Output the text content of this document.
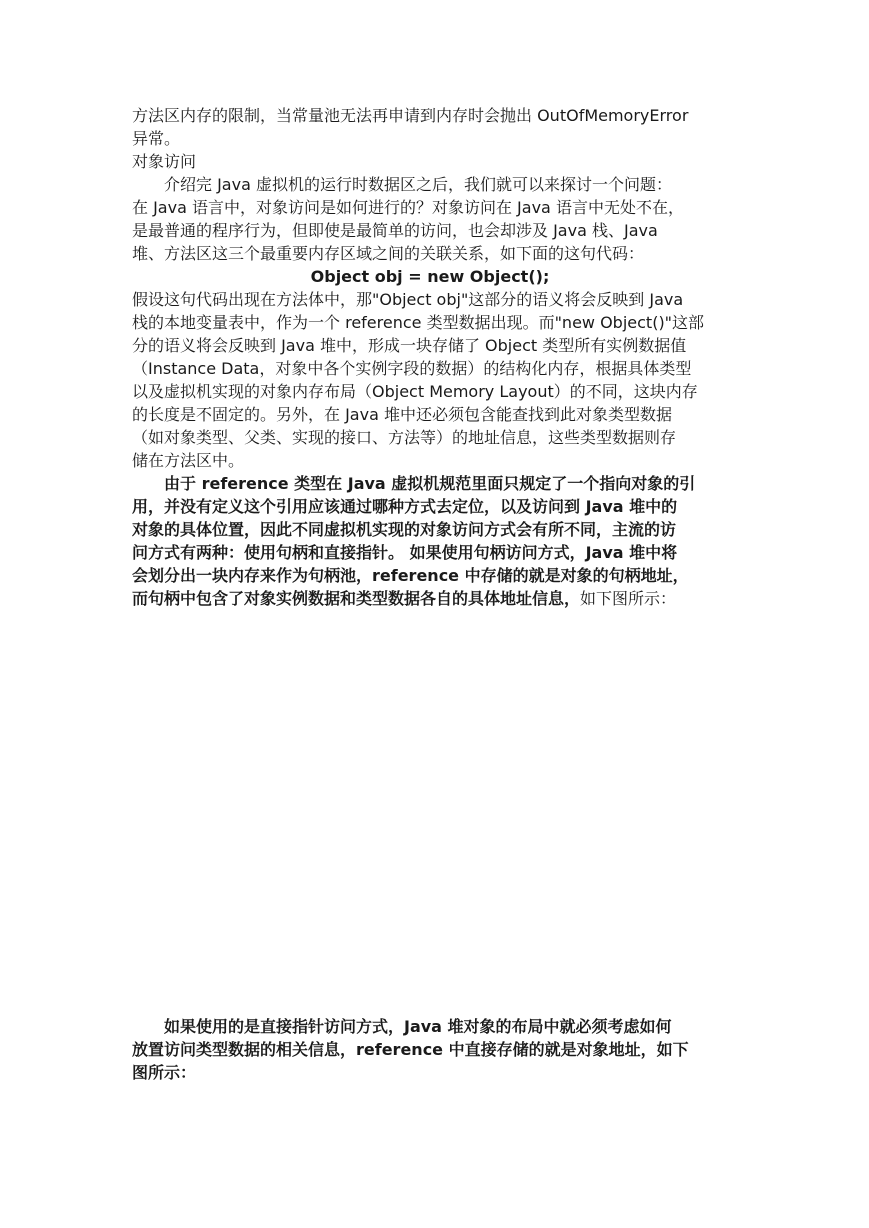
方法区内存的限制，当常量池无法再申请到内存时会抛出 OutOfMemoryError
异常。
对象访问
介绍完 Java 虚拟机的运行时数据区之后，我们就可以来探讨一个问题：
在 Java 语言中，对象访问是如何进行的？对象访问在 Java 语言中无处不在，
是最普通的程序行为，但即使是最简单的访问，也会却涉及 Java 栈、Java
堆、方法区这三个最重要内存区域之间的关联关系，如下面的这句代码：
Object obj = new Object();
假设这句代码出现在方法体中，那"Object obj"这部分的语义将会反映到 Java
栈的本地变量表中，作为一个 reference 类型数据出现。而"new Object()"这部
分的语义将会反映到 Java 堆中，形成一块存储了 Object 类型所有实例数据值
（Instance Data，对象中各个实例字段的数据）的结构化内存，根据具体类型
以及虚拟机实现的对象内存布局（Object Memory Layout）的不同，这块内存
的长度是不固定的。另外，在 Java 堆中还必须包含能查找到此对象类型数据
（如对象类型、父类、实现的接口、方法等）的地址信息，这些类型数据则存
储在方法区中。
由于 reference 类型在 Java 虚拟机规范里面只规定了一个指向对象的引
用，并没有定义这个引用应该通过哪种方式去定位，以及访问到 Java 堆中的
对象的具体位置，因此不同虚拟机实现的对象访问方式会有所不同，主流的访
问方式有两种：使用句柄和直接指针。 如果使用句柄访问方式，Java 堆中将
会划分出一块内存来作为句柄池，reference 中存储的就是对象的句柄地址，
而句柄中包含了对象实例数据和类型数据各自的具体地址信息，如下图所示：
如果使用的是直接指针访问方式，Java 堆对象的布局中就必须考虑如何
放置访问类型数据的相关信息，reference 中直接存储的就是对象地址，如下
图所示：
